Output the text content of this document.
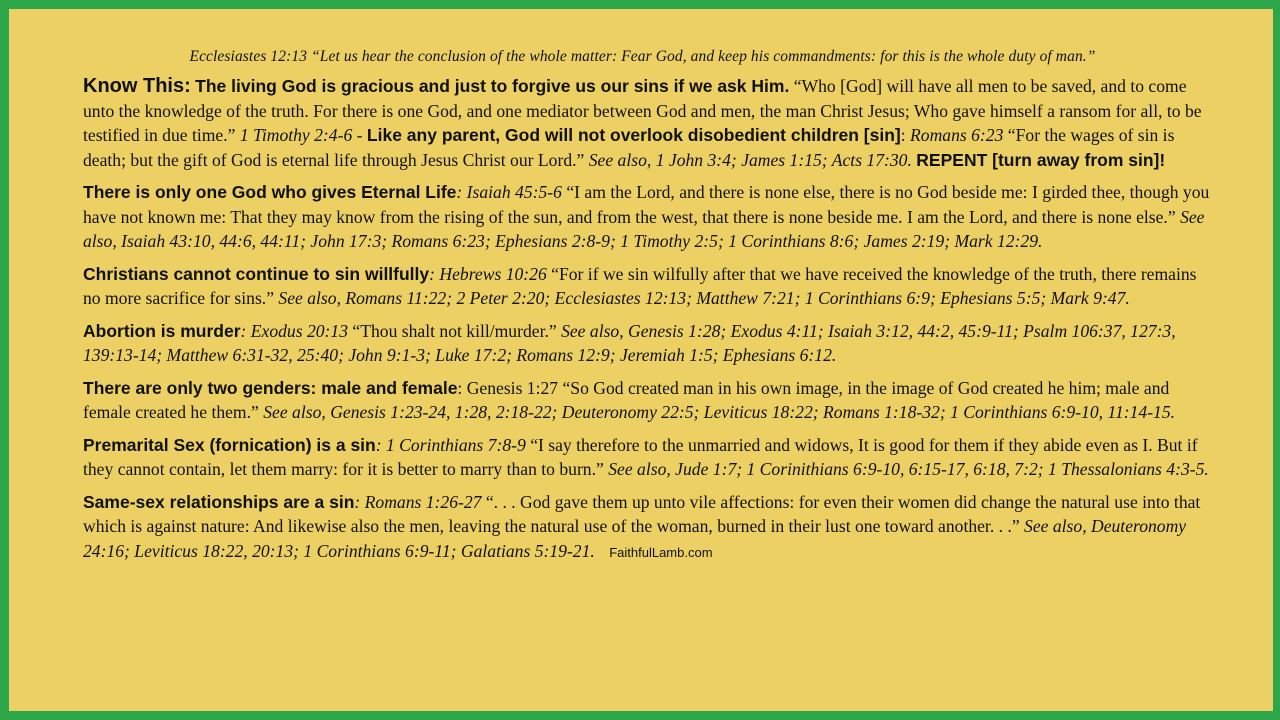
Ecclesiastes 12:13 “Let us hear the conclusion of the whole matter: Fear God, and keep his commandments: for this is the whole duty of man.”
Know This: The living God is gracious and just to forgive us our sins if we ask Him. “Who [God] will have all men to be saved, and to come unto the knowledge of the truth. For there is one God, and one mediator between God and men, the man Christ Jesus; Who gave himself a ransom for all, to be testified in due time.” 1 Timothy 2:4-6 - Like any parent, God will not overlook disobedient children [sin]: Romans 6:23 “For the wages of sin is death; but the gift of God is eternal life through Jesus Christ our Lord.” See also, 1 John 3:4; James 1:15; Acts 17:30. REPENT [turn away from sin]!
There is only one God who gives Eternal Life: Isaiah 45:5-6 “I am the Lord, and there is none else, there is no God beside me: I girded thee, though you have not known me: That they may know from the rising of the sun, and from the west, that there is none beside me. I am the Lord, and there is none else.” See also, Isaiah 43:10, 44:6, 44:11; John 17:3; Romans 6:23; Ephesians 2:8-9; 1 Timothy 2:5; 1 Corinthians 8:6; James 2:19; Mark 12:29.
Christians cannot continue to sin willfully: Hebrews 10:26 “For if we sin wilfully after that we have received the knowledge of the truth, there remains no more sacrifice for sins.” See also, Romans 11:22; 2 Peter 2:20; Ecclesiastes 12:13; Matthew 7:21; 1 Corinthians 6:9; Ephesians 5:5; Mark 9:47.
Abortion is murder: Exodus 20:13 “Thou shalt not kill/murder.” See also, Genesis 1:28; Exodus 4:11; Isaiah 3:12, 44:2, 45:9-11; Psalm 106:37, 127:3, 139:13-14; Matthew 6:31-32, 25:40; John 9:1-3; Luke 17:2; Romans 12:9; Jeremiah 1:5; Ephesians 6:12.
There are only two genders: male and female: Genesis 1:27 “So God created man in his own image, in the image of God created he him; male and female created he them.” See also, Genesis 1:23-24, 1:28, 2:18-22; Deuteronomy 22:5; Leviticus 18:22; Romans 1:18-32; 1 Corinthians 6:9-10, 11:14-15.
Premarital Sex (fornication) is a sin: 1 Corinthians 7:8-9 “I say therefore to the unmarried and widows, It is good for them if they abide even as I. But if they cannot contain, let them marry: for it is better to marry than to burn.” See also, Jude 1:7; 1 Corinithians 6:9-10, 6:15-17, 6:18, 7:2; 1 Thessalonians 4:3-5.
Same-sex relationships are a sin: Romans 1:26-27 “. . . God gave them up unto vile affections: for even their women did change the natural use into that which is against nature: And likewise also the men, leaving the natural use of the woman, burned in their lust one toward another. . .” See also, Deuteronomy 24:16; Leviticus 18:22, 20:13; 1 Corinthians 6:9-11; Galatians 5:19-21. FaithfulLamb.com
